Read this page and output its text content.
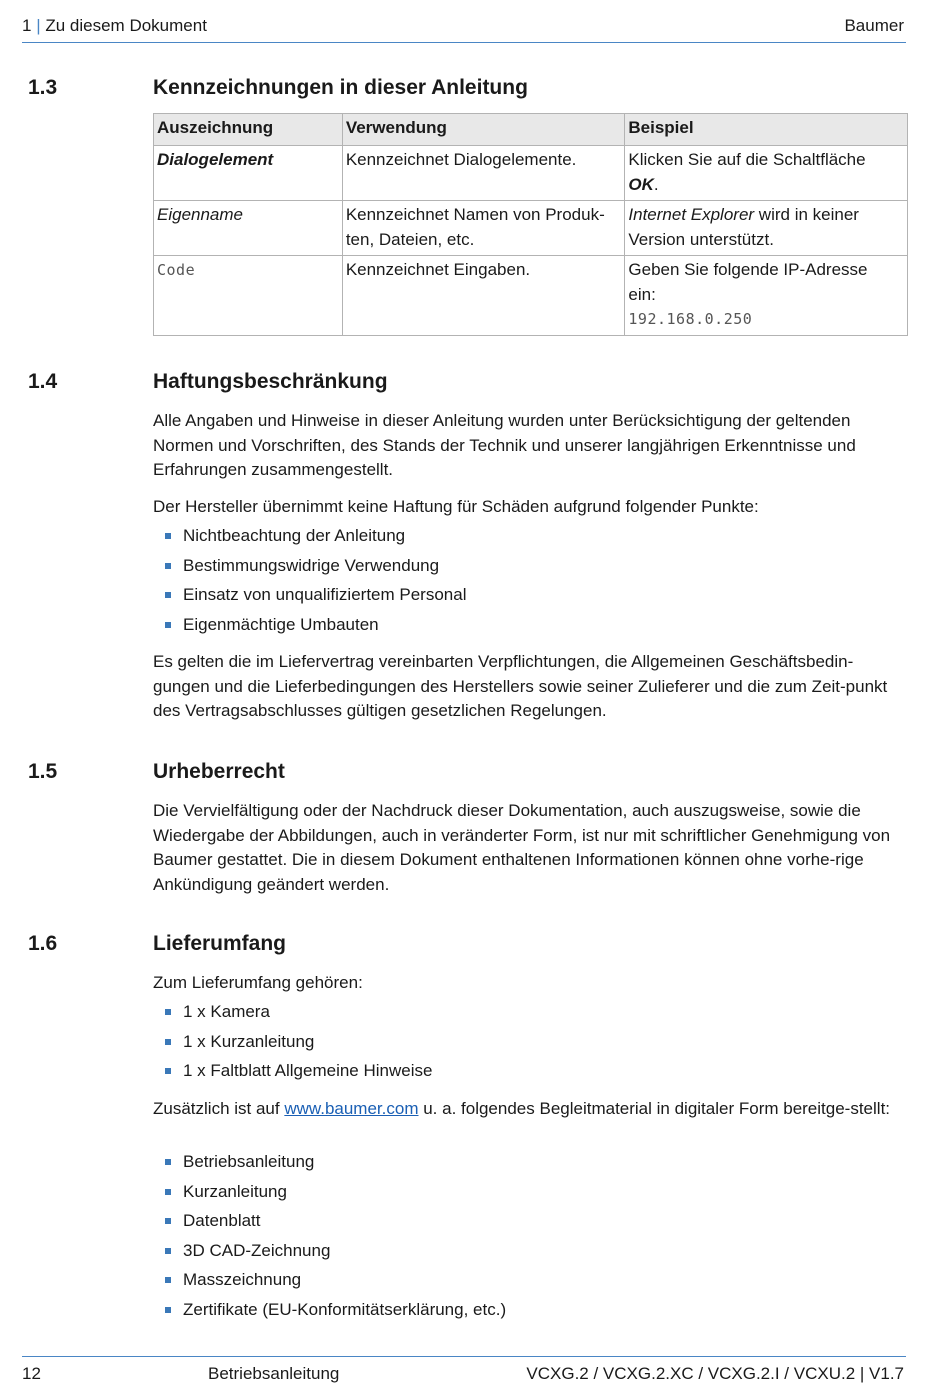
1 | Zu diesem Dokument	Baumer
1.3	Kennzeichnungen in dieser Anleitung
Auszeichnung	Verwendung	Beispiel
Dialogelement	Kennzeichnet Dialogelemente.	Klicken Sie auf die Schaltfläche
OK.
Eigenname	Kennzeichnet Namen von Produk-
ten, Dateien, etc.	Internet Explorer wird in keiner
Version unterstützt.
Code	Kennzeichnet Eingaben.	Geben Sie folgende IP-Adresse
ein:
192.168.0.250
1.4	Haftungsbeschränkung

Alle Angaben und Hinweise in dieser Anleitung wurden unter Berücksichtigung der geltenden Normen und Vorschriften, des Stands der Technik und unserer langjährigen Erkenntnisse und Erfahrungen zusammengestellt.

Der Hersteller übernimmt keine Haftung für Schäden aufgrund folgender Punkte:

Nichtbeachtung der Anleitung
Bestimmungswidrige Verwendung
Einsatz von unqualifiziertem Personal
Eigenmächtige Umbauten

Es gelten die im Liefervertrag vereinbarten Verpflichtungen, die Allgemeinen Geschäftsbedin-gungen und die Lieferbedingungen des Herstellers sowie seiner Zulieferer und die zum Zeit-punkt des Vertragsabschlusses gültigen gesetzlichen Regelungen.

1.5	Urheberrecht

Die Vervielfältigung oder der Nachdruck dieser Dokumentation, auch auszugsweise, sowie die Wiedergabe der Abbildungen, auch in veränderter Form, ist nur mit schriftlicher Genehmigung von Baumer gestattet. Die in diesem Dokument enthaltenen Informationen können ohne vorhe-rige Ankündigung geändert werden.

1.6	Lieferumfang

Zum Lieferumfang gehören:

1 x Kamera
1 x Kurzanleitung
1 x Faltblatt Allgemeine Hinweise

Zusätzlich ist auf www.baumer.com u. a. folgendes Begleitmaterial in digitaler Form bereitge-stellt:

Betriebsanleitung
Kurzanleitung
Datenblatt
3D CAD-Zeichnung
Masszeichnung
Zertifikate (EU-Konformitätserklärung, etc.)
12	Betriebsanleitung	VCXG.2 / VCXG.2.XC / VCXG.2.I / VCXU.2 | V1.7
